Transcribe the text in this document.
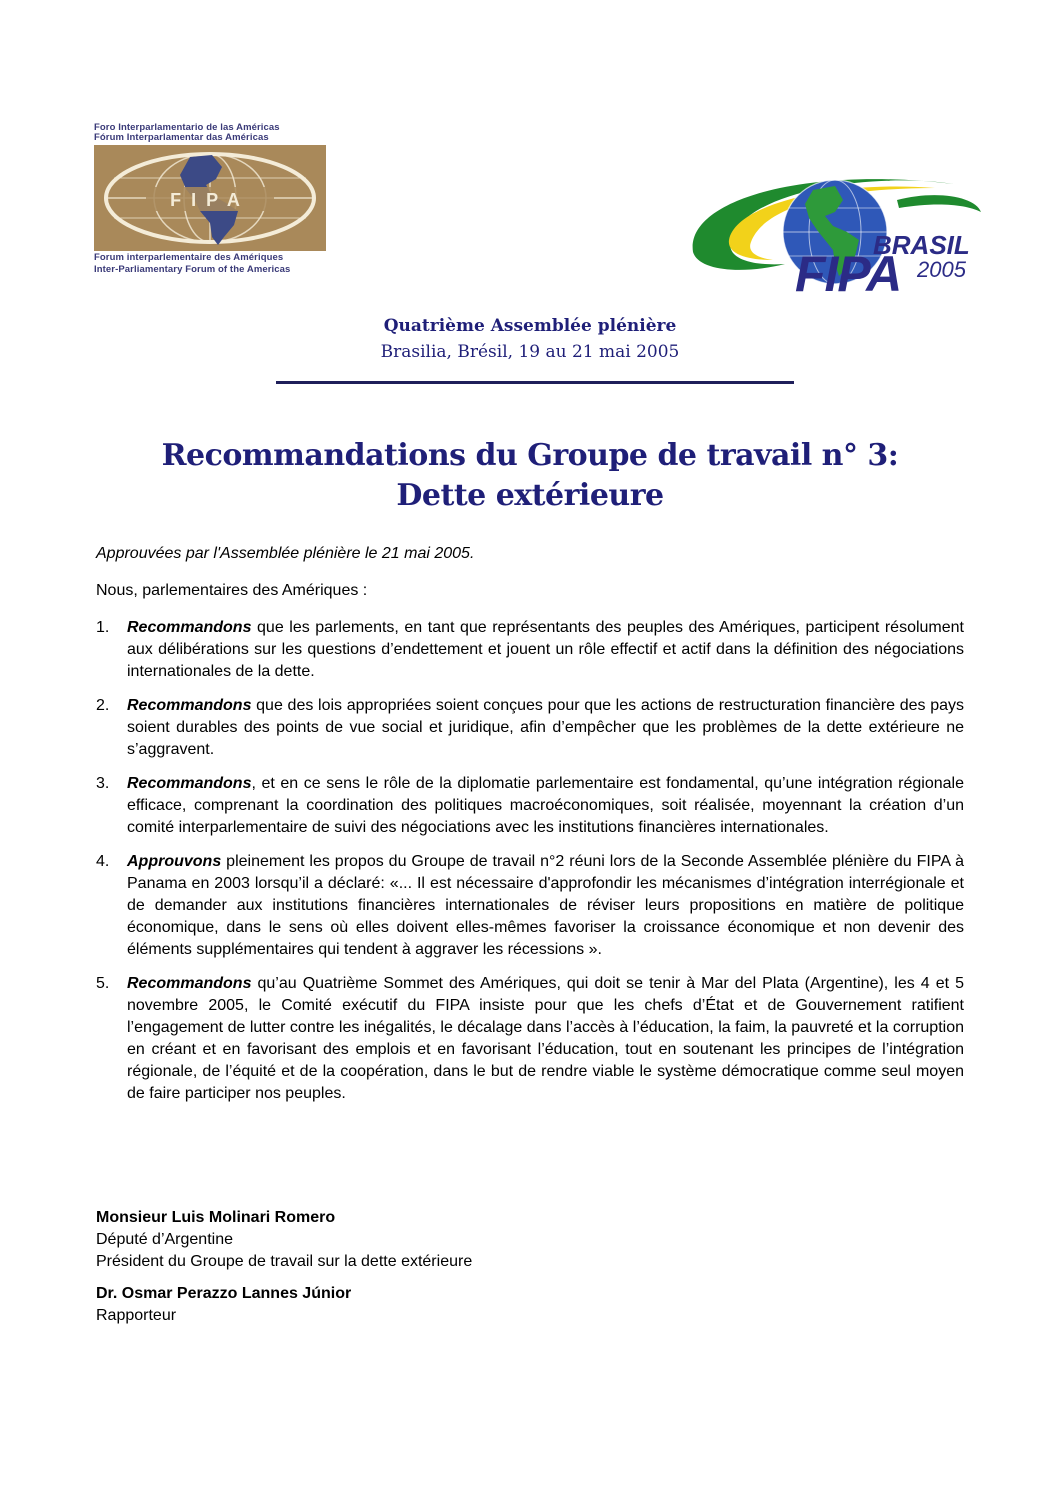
Foro Interparlamentario de las Américas
Fórum Interparlamentar das Américas
FIPA
Forum interparlementaire des Amériques
Inter-Parliamentary Forum of the Americas
BRASIL
FIPA 2005
Quatrième Assemblée plénière
Brasilia, Brésil, 19 au 21 mai 2005
Recommandations du Groupe de travail n° 3:
Dette extérieure
Approuvées par l'Assemblée plénière le 21 mai 2005.
Nous, parlementaires des Amériques :
1. Recommandons que les parlements, en tant que représentants des peuples des Amériques, participent résolument aux délibérations sur les questions d’endettement et jouent un rôle effectif et actif dans la définition des négociations internationales de la dette.
2. Recommandons que des lois appropriées soient conçues pour que les actions de restructuration financière des pays soient durables des points de vue social et juridique, afin d’empêcher que les problèmes de la dette extérieure ne s’aggravent.
3. Recommandons, et en ce sens le rôle de la diplomatie parlementaire est fondamental, qu’une intégration régionale efficace, comprenant la coordination des politiques macroéconomiques, soit réalisée, moyennant la création d’un comité interparlementaire de suivi des négociations avec les institutions financières internationales.
4. Approuvons pleinement les propos du Groupe de travail n°2 réuni lors de la Seconde Assemblée plénière du FIPA à Panama en 2003 lorsqu’il a déclaré: «... Il est nécessaire d'approfondir les mécanismes d’intégration interrégionale et de demander aux institutions financières internationales de réviser leurs propositions en matière de politique économique, dans le sens où elles doivent elles-mêmes favoriser la croissance économique et non devenir des éléments supplémentaires qui tendent à aggraver les récessions ».
5. Recommandons qu’au Quatrième Sommet des Amériques, qui doit se tenir à Mar del Plata (Argentine), les 4 et 5 novembre 2005, le Comité exécutif du FIPA insiste pour que les chefs d’État et de Gouvernement ratifient l’engagement de lutter contre les inégalités, le décalage dans l’accès à l’éducation, la faim, la pauvreté et la corruption en créant et en favorisant des emplois et en favorisant l’éducation, tout en soutenant les principes de l’intégration régionale, de l’équité et de la coopération, dans le but de rendre viable le système démocratique comme seul moyen de faire participer nos peuples.
Monsieur Luis Molinari Romero
Député d’Argentine
Président du Groupe de travail sur la dette extérieure
Dr. Osmar Perazzo Lannes Júnior
Rapporteur
